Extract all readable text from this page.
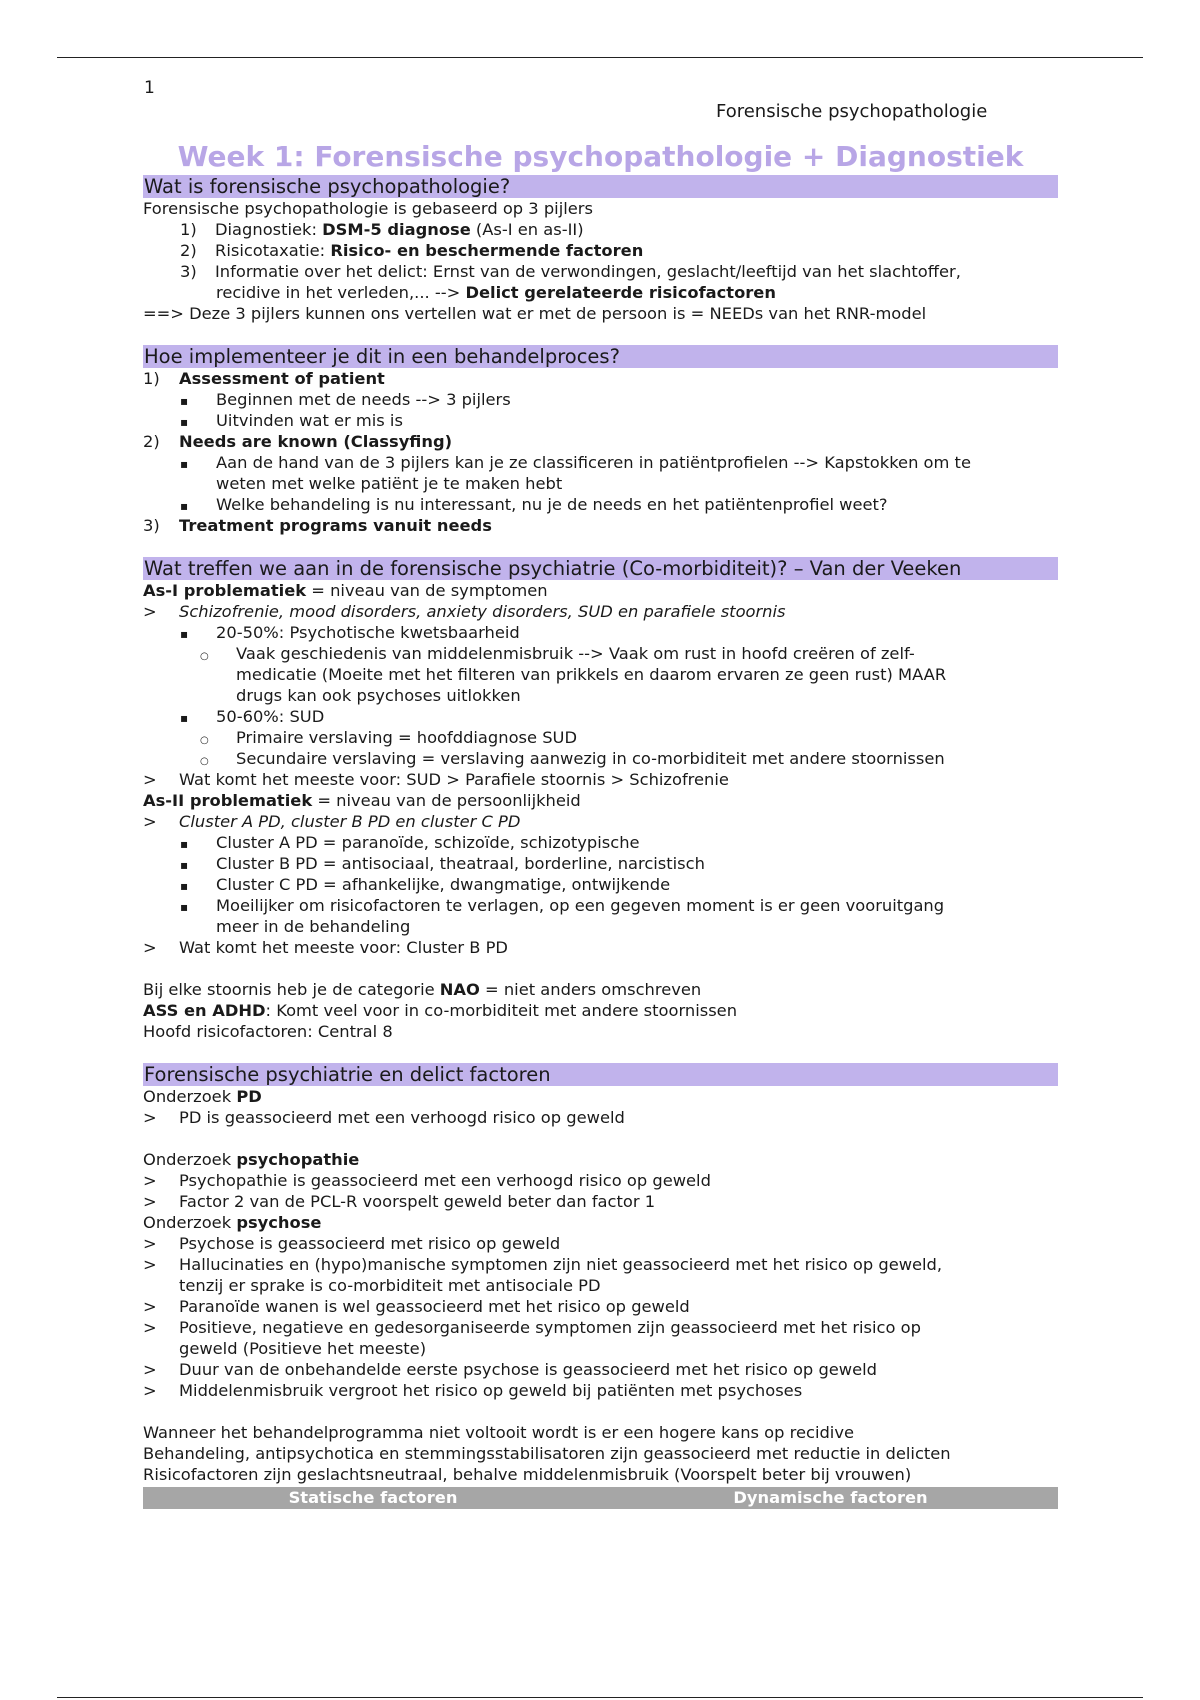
1
Forensische psychopathologie
Week 1: Forensische psychopathologie + Diagnostiek
Wat is forensische psychopathologie?
Forensische psychopathologie is gebaseerd op 3 pijlers
1)	Diagnostiek: DSM-5 diagnose (As-I en as-II)
2)	Risicotaxatie: Risico- en beschermende factoren
3)	Informatie over het delict: Ernst van de verwondingen, geslacht/leeftijd van het slachtoffer,
recidive in het verleden,... --> Delict gerelateerde risicofactoren
==> Deze 3 pijlers kunnen ons vertellen wat er met de persoon is = NEEDs van het RNR-model
Hoe implementeer je dit in een behandelproces?
1)	Assessment of patient
▪
Beginnen met de needs --> 3 pijlers
▪
Uitvinden wat er mis is
2)	Needs are known (Classyfing)
▪
Aan de hand van de 3 pijlers kan je ze classificeren in patiëntprofielen --> Kapstokken om te
weten met welke patiënt je te maken hebt
▪
Welke behandeling is nu interessant, nu je de needs en het patiëntenprofiel weet?
3)	Treatment programs vanuit needs
Wat treffen we aan in de forensische psychiatrie (Co-morbiditeit)? – Van der Veeken
As-I problematiek = niveau van de symptomen
>	Schizofrenie, mood disorders, anxiety disorders, SUD en parafiele stoornis
▪
20-50%: Psychotische kwetsbaarheid
○
Vaak geschiedenis van middelenmisbruik --> Vaak om rust in hoofd creëren of zelf-
medicatie (Moeite met het filteren van prikkels en daarom ervaren ze geen rust) MAAR
drugs kan ook psychoses uitlokken
▪
50-60%: SUD
○
Primaire verslaving = hoofddiagnose SUD
○
Secundaire verslaving = verslaving aanwezig in co-morbiditeit met andere stoornissen
>	Wat komt het meeste voor: SUD > Parafiele stoornis > Schizofrenie
As-II problematiek = niveau van de persoonlijkheid
>	Cluster A PD, cluster B PD en cluster C PD
▪
Cluster A PD = paranoïde, schizoïde, schizotypische
▪
Cluster B PD = antisociaal, theatraal, borderline, narcistisch
▪
Cluster C PD = afhankelijke, dwangmatige, ontwijkende
▪
Moeilijker om risicofactoren te verlagen, op een gegeven moment is er geen vooruitgang
meer in de behandeling
>	Wat komt het meeste voor: Cluster B PD
Bij elke stoornis heb je de categorie NAO = niet anders omschreven
ASS en ADHD: Komt veel voor in co-morbiditeit met andere stoornissen
Hoofd risicofactoren: Central 8
Forensische psychiatrie en delict factoren
Onderzoek PD
>	PD is geassocieerd met een verhoogd risico op geweld
Onderzoek psychopathie
>	Psychopathie is geassocieerd met een verhoogd risico op geweld
>	Factor 2 van de PCL-R voorspelt geweld beter dan factor 1
Onderzoek psychose
>	Psychose is geassocieerd met risico op geweld
>	Hallucinaties en (hypo)manische symptomen zijn niet geassocieerd met het risico op geweld,
tenzij er sprake is co-morbiditeit met antisociale PD
>	Paranoïde wanen is wel geassocieerd met het risico op geweld
>	Positieve, negatieve en gedesorganiseerde symptomen zijn geassocieerd met het risico op
geweld (Positieve het meeste)
>	Duur van de onbehandelde eerste psychose is geassocieerd met het risico op geweld
>	Middelenmisbruik vergroot het risico op geweld bij patiënten met psychoses
Wanneer het behandelprogramma niet voltooit wordt is er een hogere kans op recidive
Behandeling, antipsychotica en stemmingsstabilisatoren zijn geassocieerd met reductie in delicten
Risicofactoren zijn geslachtsneutraal, behalve middelenmisbruik (Voorspelt beter bij vrouwen)
Statische factoren	Dynamische factoren
